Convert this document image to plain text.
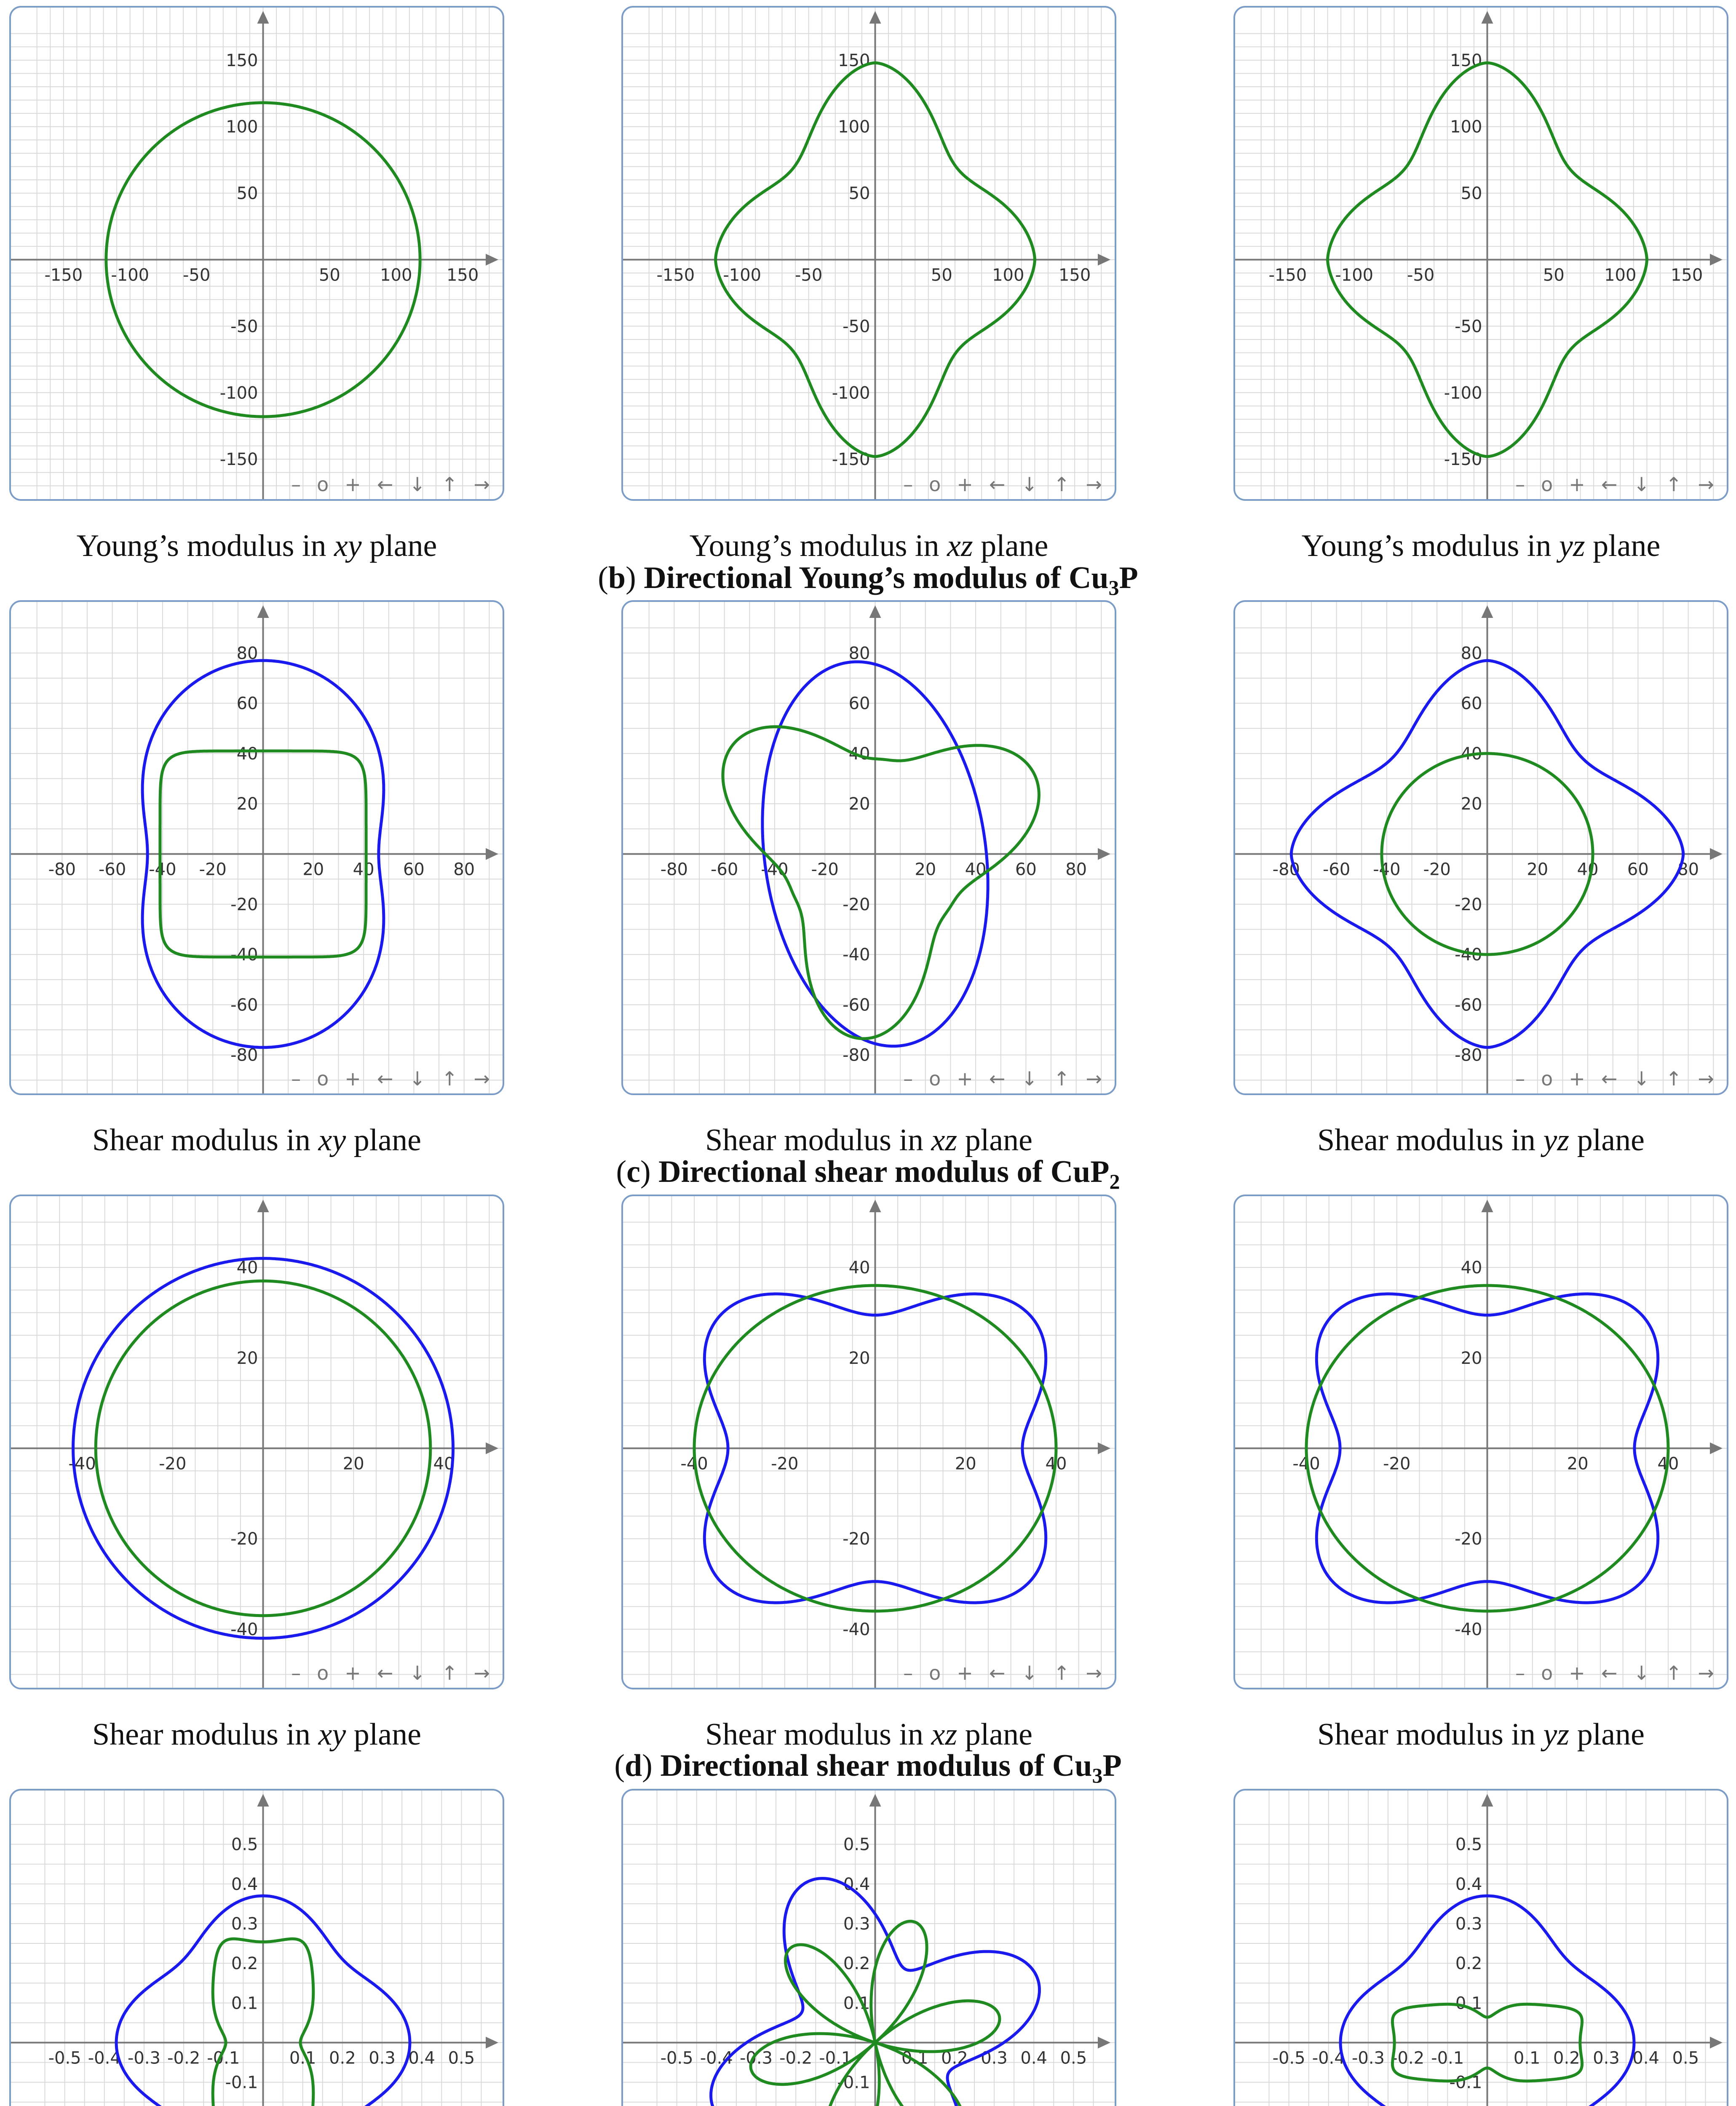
-150 -100 -50	50 100 150
150
100
50
-50
-100
-150
– o + ← ↓ ↑ →
Young’s modulus in xy plane
-150 -100 -50	50 100 150
150
100
50
-50
-100
-150
– o + ← ↓ ↑ →
Young’s modulus in xz plane
-150 -100 -50	50 100 150
150
100
50
-50
-100
-150
– o + ← ↓ ↑ →
Young’s modulus in yz plane
-80 -60 -40 -20	20 40 60 80
80
60
40
20
-20
-40
-60
-80
– o + ← ↓ ↑ →
Shear modulus in xy plane
-80 -60 -40 -20	20 40 60 80
80
60
40
20
-20
-40
-60
-80
– o + ← ↓ ↑ →
Shear modulus in xz plane
-80 -60 -40 -20	20 40 60 80
80
60
40
20
-20
-40
-60
-80
– o + ← ↓ ↑ →
Shear modulus in yz plane
-40	-20	20	40
40
20
-20
-40
– o + ← ↓ ↑ →
Shear modulus in xy plane
-40	-20	20	40
40
20
-20
-40
– o + ← ↓ ↑ →
Shear modulus in xz plane
-40	-20	20	40
40
20
-20
-40
– o + ← ↓ ↑ →
Shear modulus in yz plane
-0.5 -0.4 -0.3 -0.2 -0.1	0.1 0.2 0.3 0.4 0.5
0.5
0.4
0.3
0.2
0.1
-0.1
-0.5 -0.4 -0.3 -0.2 -0.1	0.1 0.2 0.3 0.4 0.5
0.5
0.4
0.3
0.2
0.1
-0.1
-0.5 -0.4 -0.3 -0.2 -0.1	0.1 0.2 0.3 0.4 0.5
0.5
0.4
0.3
0.2
0.1
-0.1
(b) Directional Young’s modulus of $Cu_3P$
(c) Directional shear modulus of CuP$_2$
(d) Directional shear modulus of $Cu_3P$
